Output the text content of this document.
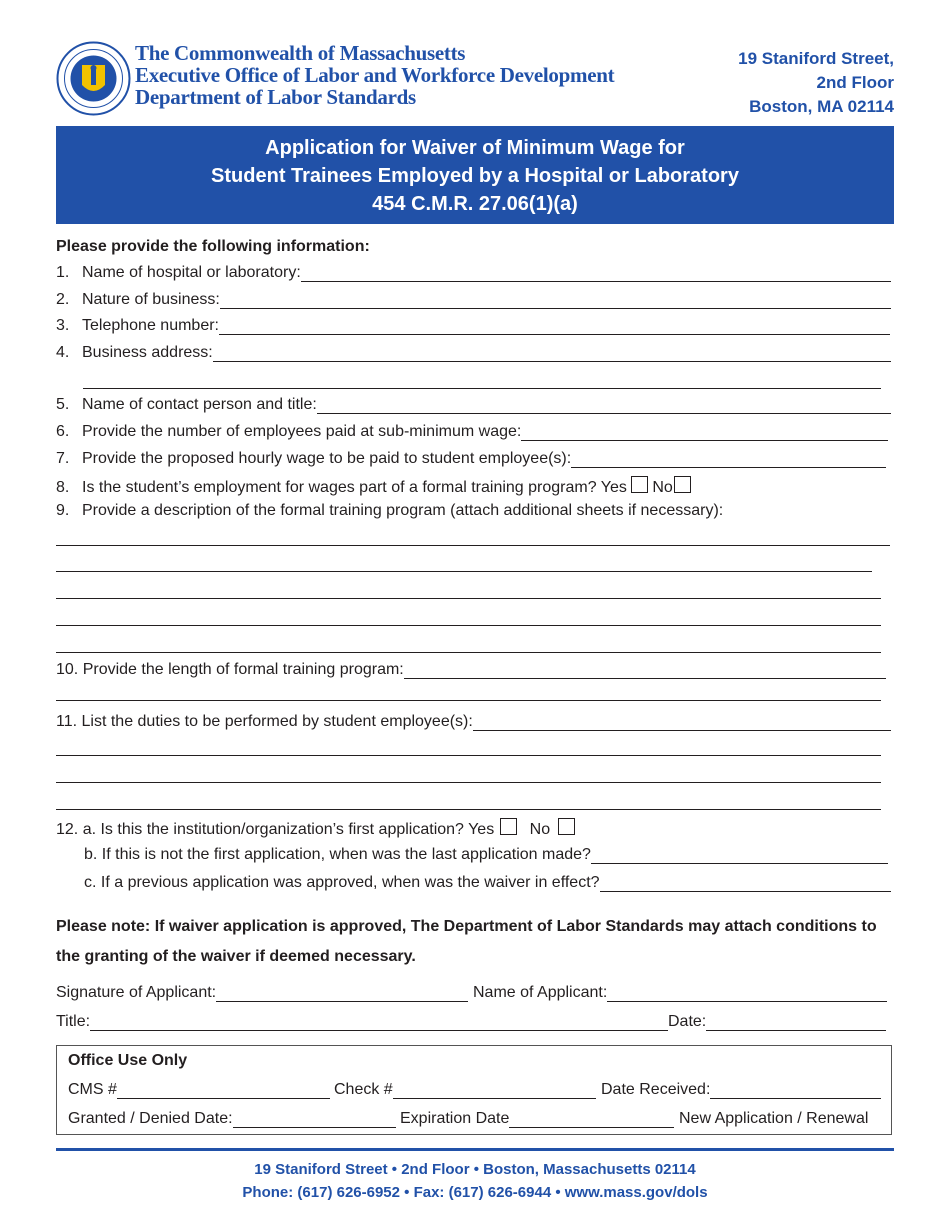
The Commonwealth of Massachusetts
Executive Office of Labor and Workforce Development
Department of Labor Standards
19 Staniford Street,
2nd Floor
Boston, MA 02114
Application for Waiver of Minimum Wage for
Student Trainees Employed by a Hospital or Laboratory
454 C.M.R. 27.06(1)(a)
Please provide the following information:
1. Name of hospital or laboratory:
2. Nature of business:
3. Telephone number:
4. Business address:
5. Name of contact person and title:
6. Provide the number of employees paid at sub-minimum wage:
7. Provide the proposed hourly wage to be paid to student employee(s):
8. Is the student’s employment for wages part of a formal training program? Yes No
9. Provide a description of the formal training program (attach additional sheets if necessary):
10. Provide the length of formal training program:
11. List the duties to be performed by student employee(s):
12. a. Is this the institution/organization’s first application? Yes No
b. If this is not the first application, when was the last application made?
c. If a previous application was approved, when was the waiver in effect?
Please note: If waiver application is approved, The Department of Labor Standards may attach conditions to
the granting of the waiver if deemed necessary.
Signature of Applicant:	Name of Applicant:
Title:	Date:
Office Use Only
CMS #	Check #	Date Received:
Granted / Denied Date:	Expiration Date	New Application / Renewal
19 Staniford Street • 2nd Floor • Boston, Massachusetts 02114
Phone: (617) 626-6952 • Fax: (617) 626-6944 • www.mass.gov/dols
